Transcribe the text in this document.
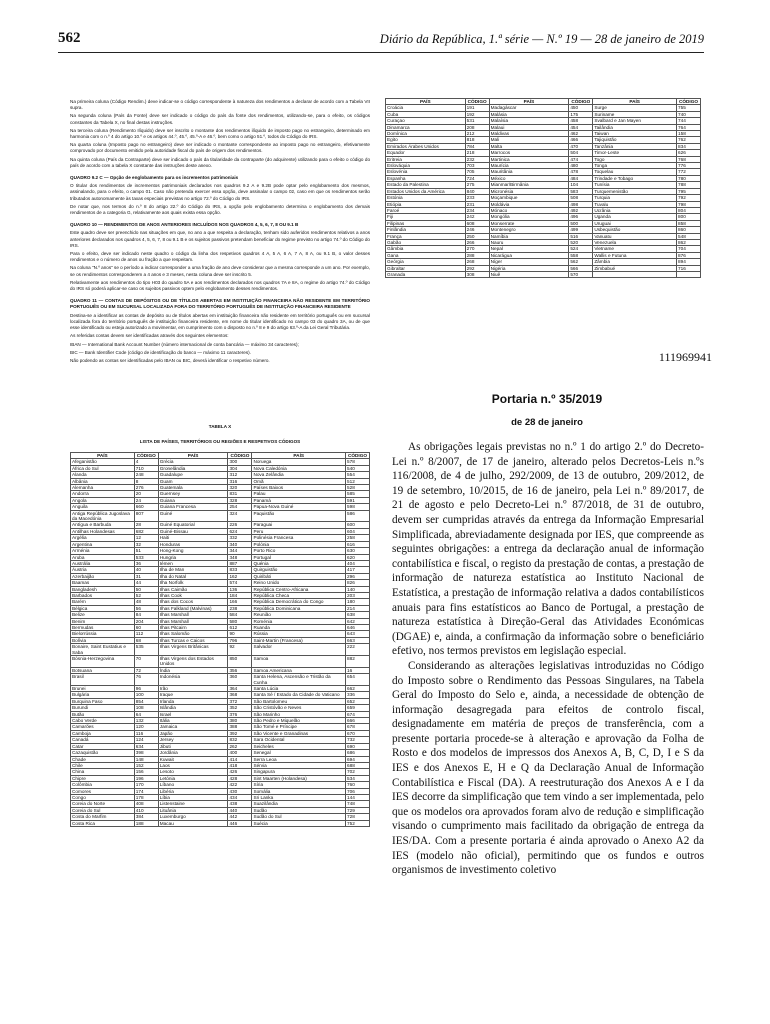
562	Diário da República, 1.ª série — N.º 19 — 28 de janeiro de 2019

Na primeira coluna (Código Rendim.) deve indicar-se o código correspondente à natureza dos rendimentos a declarar de acordo com a Tabela VII supra.

Na segunda coluna (País da Fonte) deve ser indicado o código do país da fonte dos rendimentos, utilizando-se, para o efeito, os códigos constantes da Tabela X, no final destas instruções.

Na terceira coluna (Rendimento Ilíquido) deve ser inscrito o montante dos rendimentos ilíquido de imposto pago no estrangeiro, determinado em harmonia com o n.º 4 do artigo 10.º e os artigos 44.º, 45.º, 45.º-A e 46.º, bem como o artigo 51.º, todos do Código do IRS.

Na quarta coluna (Imposto pago no estrangeiro) deve ser indicado o montante correspondente ao imposto pago no estrangeiro, efetivamente comprovado por documento emitido pela autoridade fiscal do país de origem dos rendimentos.

Na quinta coluna (País da Contraparte) deve ser indicado o país da titularidade da contraparte (do adquirente) utilizando para o efeito o código do país de acordo com a tabela X constante das instruções deste anexo.

QUADRO 9.2 C — Opção de englobamento para os incrementos patrimoniais

O titular dos rendimentos de incrementos patrimoniais declarados nos quadros 9.2 A e 9.2B pode optar pelo englobamento dos mesmos, assinalando, para o efeito, o campo 01. Caso não pretenda exercer essa opção, deve assinalar o campo 02, caso em que os rendimentos serão tributados autonomamente às taxas especiais previstas no artigo 72.º do Código do IRS.

De notar que, nos termos do n.º 8 do artigo 22.º do Código do IRS, a opção pelo englobamento determina o englobamento dos demais rendimentos de a categoria G, relativamente aos quais exista essa opção.

QUADRO 10 — RENDIMENTOS DE ANOS ANTERIORES INCLUÍDOS NOS QUADROS 4, 5, 6, 7, 8 OU 9.1 B

Este quadro deve ser preenchido nas situações em que, no ano a que respeita a declaração, tenham sido auferidos rendimentos relativos a anos anteriores declarados nos quadros 4, 5, 6, 7, 8 ou 9.1 B e os sujeitos passivos pretendam beneficiar do regime previsto no artigo 74.º do Código do IRS.

Para o efeito, deve ser indicado neste quadro o código da linha dos respetivos quadros 4 A, 5 A, 6 A, 7 A, 8 A, ou 9.1 B, o valor desses rendimentos e o número de anos ou fração a que respeitam.

Na coluna "N.º anos" se o período a indicar corresponder a uma fração de ano deve considerar que a mesma corresponde a um ano. Por exemplo, se os rendimentos corresponderem a 4 anos e 3 meses, nesta coluna deve ser inscrito 5.

Relativamente aos rendimentos do tipo H03 do quadro 5A e aos rendimentos declarados nos quadros 7A e 8A, o regime do artigo 74.º do Código do IRS só poderá aplicar-se caso os sujeitos passivos optem pelo englobamento desses rendimentos.

QUADRO 11 — CONTAS DE DEPÓSITOS OU DE TÍTULOS ABERTAS EM INSTITUIÇÃO FINANCEIRA NÃO RESIDENTE EM TERRITÓRIO PORTUGUÊS OU EM SUCURSAL LOCALIZADA FORA DO TERRITÓRIO PORTUGUÊS DE INSTITUIÇÃO FINANCEIRA RESIDENTE

Destina-se a identificar as contas de depósito ou de títulos abertas em instituição financeira não residente em território português ou em sucursal localizada fora do território português de instituição financeira residente, em nome do titular identificado no campo 03 do quadro 3A, ou de que esse identificado ou esteja autorizado a movimentar, em cumprimento com o disposto no n.º 8 e 9 do artigo 63.º-A da Lei Geral Tributária.

As referidas contas devem ser identificadas através dos seguintes elementos:

IBAN — International Bank Account Number (número internacional de conta bancária — máximo 34 caracteres);

BIC — Bank Identifier Code (código de identificação do banco — máximo 11 caracteres).

Não podendo as contas ser identificadas pelo IBAN ou BIC, deverá identificar o respetivo número.

TABELA X
LISTA DE PAÍSES, TERRITÓRIOS OU REGIÕES E RESPETIVOS CÓDIGOS
PAÍS	CÓDIGO	PAÍS	CÓDIGO	PAÍS	CÓDIGO
Croácia	191	Madagáscar	450	Surge	755
Cuba	192	Malásia	175	Suriname	740
Curaçao	531	Malaísia	458	Svalbard e Jan Mayen	744
Dinamarca	208	Malaui	454	Tailândia	764
Domínica	212	Maldivas	462	Taiwan	158
Egito	818	Mali	466	Tajiquistão	762
Emirados Árabes Unidos	784	Malta	470	Tanzânia	834
Equador	218	Marrocos	504	Timor-Leste	626
Eritreia	232	Martinica	474	Togo	768
Eslováquia	703	Maurícia	480	Tonga	776
Eslovénia	705	Mauritânia	478	Toquelau	772
Espanha	724	México	484	Trindade e Tobago	780
Estado da Palestina	275	Mianmar/Birmânia	104	Tunísia	788
Estados Unidos da América	840	Micronésia	583	Turquemenistão	795
Estónia	233	Moçambique	508	Turquia	792
Etiópia	231	Moldávia	498	Tuvalu	798
Faroé	234	Mónaco	492	Ucrânia	804
Fiji	242	Mongólia	496	Uganda	800
Filipinas	608	Monserrate	500	Uruguai	858
Finlândia	246	Montenegro	499	Usbequistão	860
França	250	Namíbia	516	Vanuatu	548
Gabão	266	Nauru	520	Venezuela	862
Gâmbia	270	Nepal	524	Vietname	704
Gana	288	Nicarágua	558	Wallis e Futuna	876
Geórgia	268	Níger	562	Zâmbia	894
Gibraltar	292	Nigéria	566	Zimbabué	716
Granada	308	Niuê	570		
PAÍS	CÓDIGO	PAÍS	CÓDIGO	PAÍS	CÓDIGO
Afeganistão	4	Grécia	300	Noruega	578
África do Sul	710	Gronelândia	304	Nova Caledónia	540
Alanda	248	Guadalupe	312	Nova Zelândia	554
Albânia	8	Guam	316	Omã	512
Alemanha	276	Guatemala	320	Países Baixos	528
Andorra	20	Guernsey	831	Palau	585
Angola	24	Guiana	328	Panamá	591
Anguila	660	Guiana Francesa	254	Papua-Nova Guiné	598
Antiga República Jugoslava da Macedónia	807	Guiné	324	Paquistão	586
Antígua e Barbuda	28	Guiné Equatorial	226	Paraguai	600
Antilhas Holandesas	682	Guiné-Bissau	624	Peru	604
Argélia	12	Haiti	332	Polinésia Francesa	258
Argentina	32	Honduras	340	Polónia	616
Arménia	51	Hong-Kong	344	Porto Rico	630
Aruba	533	Hungria	348	Portugal	620
Austrália	36	Iémen	887	Quénia	404
Áustria	40	Ilha de Man	833	Quirguistão	417
Azerbaijão	31	Ilha do Natal	162	Quiribáti	296
Baamas	44	Ilha Norfolk	574	Reino Unido	826
Bangladesh	50	Ilhas Caimão	136	República Centro-Africana	140
Barbados	52	Ilhas Cook	184	República Checa	203
Barém	48	Ilhas dos Cocos	166	República Democrática do Congo	180
Bélgica	56	Ilhas Falkland (Malvinas)	238	República Dominicana	214
Belize	84	Ilhas Marshall	584	Reunião	638
Benim	204	Ilhas Marshall	580	Roménia	642
Bermudas	60	Ilhas Pitcairn	612	Ruanda	646
Bielorrússia	112	Ilhas Salomão	90	Rússia	643
Bolívia	68	Ilhas Turcas e Caicos	796	Saint-Martin (Francesa)	663
Bonaire, Saint Eustatius e Saba	535	Ilhas Virgens Britânicas	92	Salvador	222
Bósnia-Herzegovina	70	Ilhas Virgens dos Estados Unidos	850	Samoa	882
Botsuana	72	Índia	356	Samoa Americana	16
Brasil	76	Indonésia	360	Santa Helena, Ascensão e Tristão da Cunha	654
Brunei	96	Irão	364	Santa Lúcia	662
Bulgária	100	Iraque	368	Santa Sé / Estado da Cidade do Vaticano	336
Burquina Faso	854	Irlanda	372	São Bartolomeu	652
Burundi	108	Islândia	352	São Cristóvão e Neves	659
Butão	64	Israel	376	São Marinho	674
Cabo Verde	132	Itália	380	São Pedro e Miquelão	666
Camarões	120	Jamaica	388	São Tomé e Príncipe	678
Camboja	116	Japão	392	São Vicente e Granadinas	670
Canadá	124	Jersey	832	Sara Ocidental	732
Catar	634	Jibuti	262	Seicheles	690
Cazaquistão	398	Jordânia	400	Senegal	686
Chade	148	Kuwait	414	Serra Leoa	694
Chile	152	Laos	418	Sérvia	688
China	156	Lesoto	426	Singapura	702
Chipre	196	Letónia	428	Sint Maarten (Holandesa)	534
Colômbia	170	Líbano	422	Síria	760
Comores	174	Libéria	430	Somália	706
Congo	178	Líbia	434	Sri Lanka	144
Coreia do Norte	408	Listenstaine	438	Suazilândia	748
Coreia do Sul	410	Lituânia	440	Sudão	729
Costa do Marfim	384	Luxemburgo	442	Sudão do Sul	728
Costa Rica	188	Macau	446	Suécia	752
111969941
Portaria n.º 35/2019
de 28 de janeiro

As obrigações legais previstas no n.º 1 do artigo 2.º do Decreto-Lei n.º 8/2007, de 17 de janeiro, alterado pelos Decretos-Leis n.ºs 116/2008, de 4 de julho, 292/2009, de 13 de outubro, 209/2012, de 19 de setembro, 10/2015, de 16 de janeiro, pela Lei n.º 89/2017, de 21 de agosto e pelo Decreto-Lei n.º 87/2018, de 31 de outubro, devem ser cumpridas através da entrega da Informação Empresarial Simplificada, abreviadamente designada por IES, que compreende as seguintes obrigações: a entrega da declaração anual de informação contabilística e fiscal, o registo da prestação de contas, a prestação de informação de natureza estatística ao Instituto Nacional de Estatística, a prestação de informação relativa a dados contabilísticos anuais para fins estatísticos ao Banco de Portugal, a prestação de natureza estatística à Direção-Geral das Atividades Económicas (DGAE) e, ainda, a confirmação da informação sobre o beneficiário efetivo, nos termos previstos em legislação especial.

Considerando as alterações legislativas introduzidas no Código do Imposto sobre o Rendimento das Pessoas Singulares, na Tabela Geral do Imposto do Selo e, ainda, a necessidade de obtenção de informação desagregada para efeitos de controlo fiscal, designadamente em matéria de preços de transferência, com a presente portaria procede-se à alteração e aprovação da Folha de Rosto e dos modelos de impressos dos Anexos A, B, C, D, I e S da IES e dos Anexos E, H e Q da Declaração Anual de Informação Contabilística e Fiscal (DA). A reestruturação dos Anexos A e I da IES decorre da simplificação que tem vindo a ser implementada, pelo que os modelos ora aprovados foram alvo de redução e simplificação visando o cumprimento mais facilitado da obrigação de entrega da IES/DA. Com a presente portaria é ainda aprovado o Anexo A2 da IES (modelo não oficial), permitindo que os fundos e outros organismos de investimento coletivo
